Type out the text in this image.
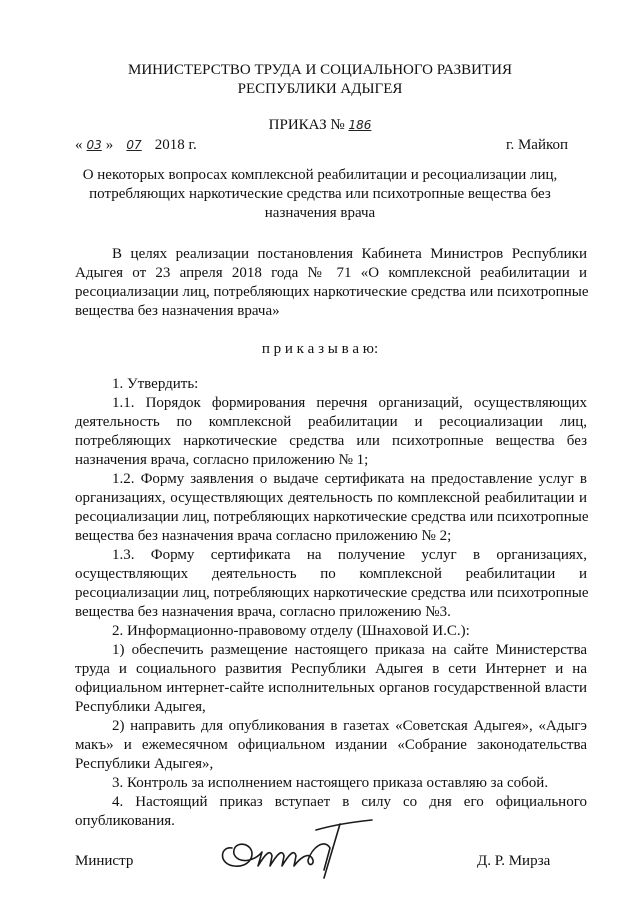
МИНИСТЕРСТВО ТРУДА И СОЦИАЛЬНОГО РАЗВИТИЯ
РЕСПУБЛИКИ АДЫГЕЯ
ПРИКАЗ № 186
« 03 » 07 2018 г.	г. Майкоп
О некоторых вопросах комплексной реабилитации и ресоциализации лиц,
потребляющих наркотические средства или психотропные вещества без
назначения врача
В целях реализации постановления Кабинета Министров Республики
Адыгея от 23 апреля 2018 года № 71 «О комплексной реабилитации и
ресоциализации лиц, потребляющих наркотические средства или психотропные
вещества без назначения врача»
п р и к а з ы в а ю:
1. Утвердить:
1.1. Порядок формирования перечня организаций, осуществляющих
деятельность по комплексной реабилитации и ресоциализации лиц,
потребляющих наркотические средства или психотропные вещества без
назначения врача, согласно приложению № 1;
1.2. Форму заявления о выдаче сертификата на предоставление услуг в
организациях, осуществляющих деятельность по комплексной реабилитации и
ресоциализации лиц, потребляющих наркотические средства или психотропные
вещества без назначения врача согласно приложению № 2;
1.3. Форму сертификата на получение услуг в организациях,
осуществляющих деятельность по комплексной реабилитации и
ресоциализации лиц, потребляющих наркотические средства или психотропные
вещества без назначения врача, согласно приложению №3.
2. Информационно-правовому отделу (Шнаховой И.С.):
1) обеспечить размещение настоящего приказа на сайте Министерства
труда и социального развития Республики Адыгея в сети Интернет и на
официальном интернет-сайте исполнительных органов государственной власти
Республики Адыгея,
2) направить для опубликования в газетах «Советская Адыгея», «Адыгэ
макъ» и ежемесячном официальном издании «Собрание законодательства
Республики Адыгея»,
3. Контроль за исполнением настоящего приказа оставляю за собой.
4. Настоящий приказ вступает в силу со дня его официального
опубликования.
Министр	Д. Р. Мирза
